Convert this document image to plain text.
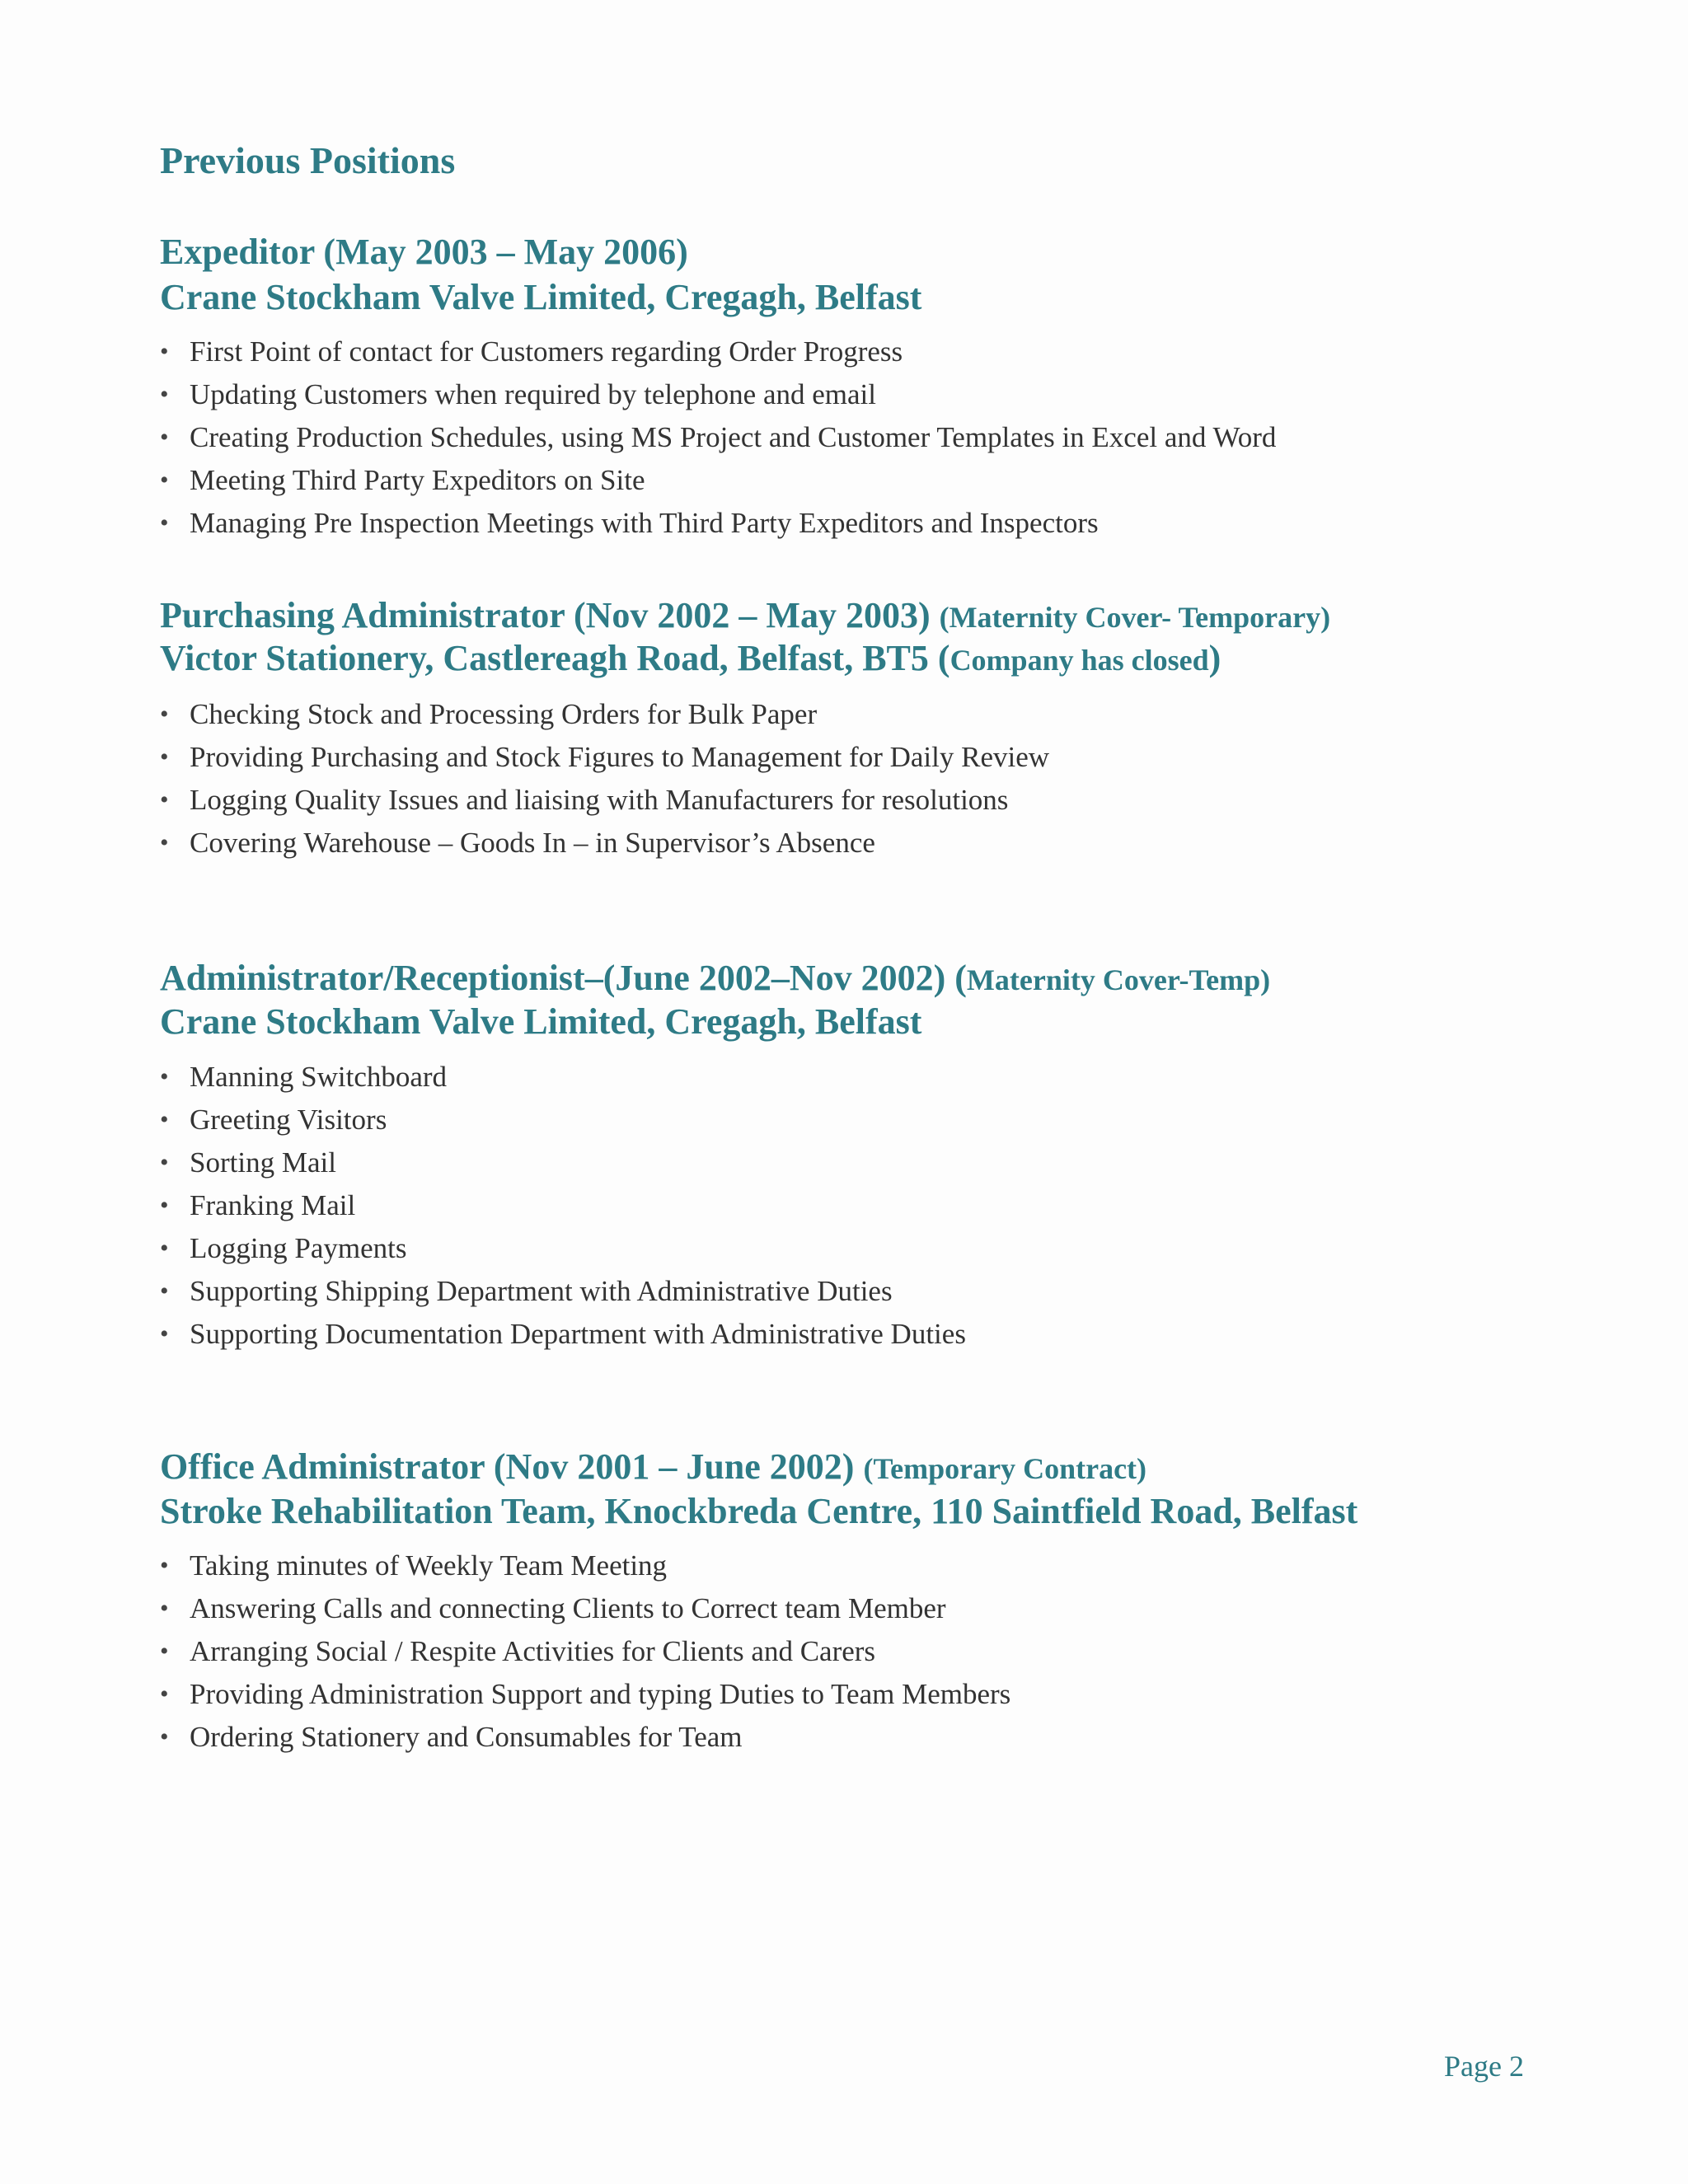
Previous Positions
Expeditor (May 2003 – May 2006)
Crane Stockham Valve Limited, Cregagh, Belfast
• First Point of contact for Customers regarding Order Progress
• Updating Customers when required by telephone and email
• Creating Production Schedules, using MS Project and Customer Templates in Excel and Word
• Meeting Third Party Expeditors on Site
• Managing Pre Inspection Meetings with Third Party Expeditors and Inspectors
Purchasing Administrator (Nov 2002 – May 2003) (Maternity Cover- Temporary)
Victor Stationery, Castlereagh Road, Belfast, BT5 (Company has closed)
• Checking Stock and Processing Orders for Bulk Paper
• Providing Purchasing and Stock Figures to Management for Daily Review
• Logging Quality Issues and liaising with Manufacturers for resolutions
• Covering Warehouse – Goods In – in Supervisor’s Absence
Administrator/Receptionist–(June 2002–Nov 2002) (Maternity Cover-Temp)
Crane Stockham Valve Limited, Cregagh, Belfast
• Manning Switchboard
• Greeting Visitors
• Sorting Mail
• Franking Mail
• Logging Payments
• Supporting Shipping Department with Administrative Duties
• Supporting Documentation Department with Administrative Duties
Office Administrator (Nov 2001 – June 2002) (Temporary Contract)
Stroke Rehabilitation Team, Knockbreda Centre, 110 Saintfield Road, Belfast
• Taking minutes of Weekly Team Meeting
• Answering Calls and connecting Clients to Correct team Member
• Arranging Social / Respite Activities for Clients and Carers
• Providing Administration Support and typing Duties to Team Members
• Ordering Stationery and Consumables for Team
Page 2
